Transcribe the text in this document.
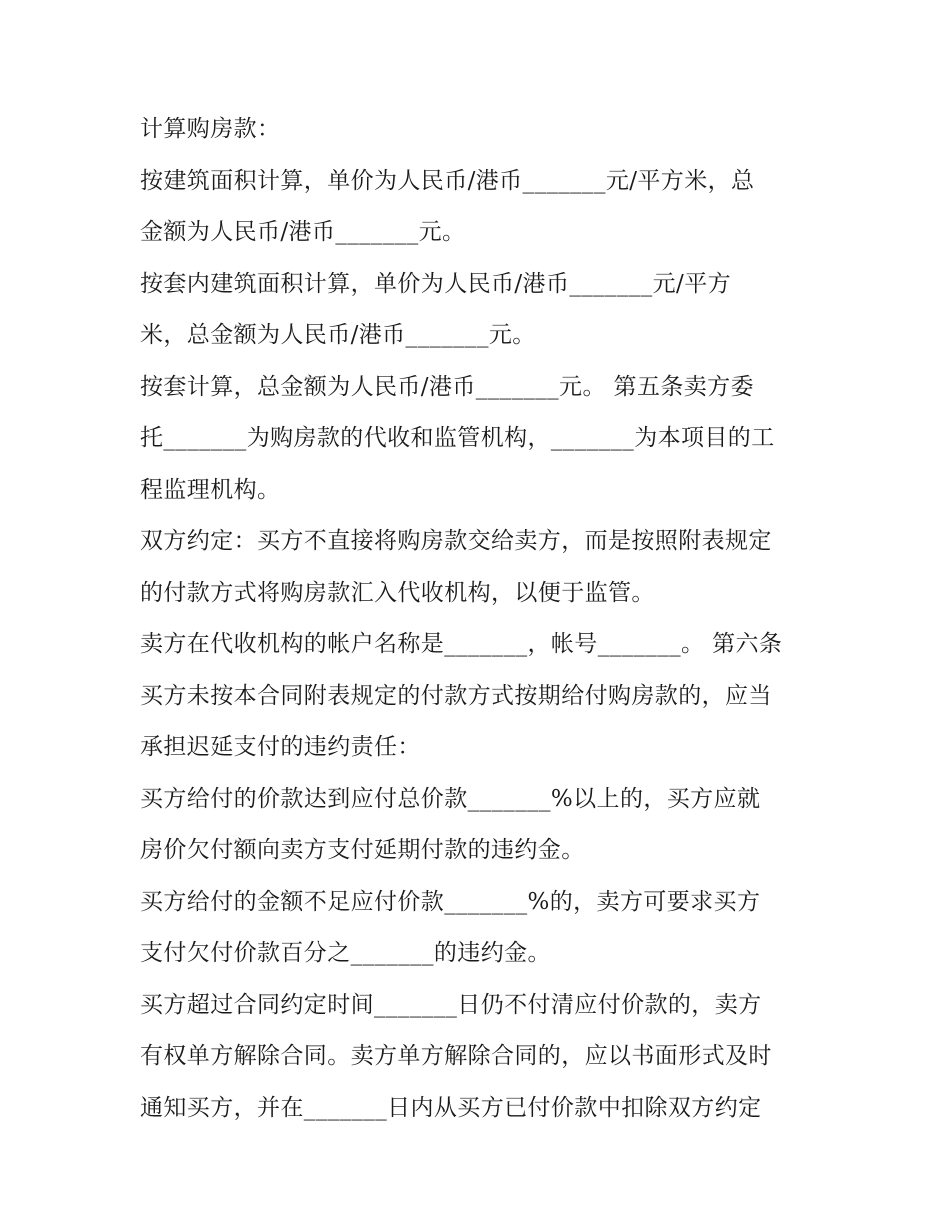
计算购房款：
按建筑面积计算，单价为人民币/港币_______元/平方米，总
金额为人民币/港币_______元。
按套内建筑面积计算，单价为人民币/港币_______元/平方
米，总金额为人民币/港币_______元。
按套计算，总金额为人民币/港币_______元。 第五条卖方委
托_______为购房款的代收和监管机构，_______为本项目的工
程监理机构。
双方约定：买方不直接将购房款交给卖方，而是按照附表规定
的付款方式将购房款汇入代收机构，以便于监管。
卖方在代收机构的帐户名称是_______，帐号_______。 第六条
买方未按本合同附表规定的付款方式按期给付购房款的，应当
承担迟延支付的违约责任：
买方给付的价款达到应付总价款_______%以上的，买方应就
房价欠付额向卖方支付延期付款的违约金。
买方给付的金额不足应付价款_______%的，卖方可要求买方
支付欠付价款百分之_______的违约金。
买方超过合同约定时间_______日仍不付清应付价款的，卖方
有权单方解除合同。卖方单方解除合同的，应以书面形式及时
通知买方，并在_______日内从买方已付价款中扣除双方约定
